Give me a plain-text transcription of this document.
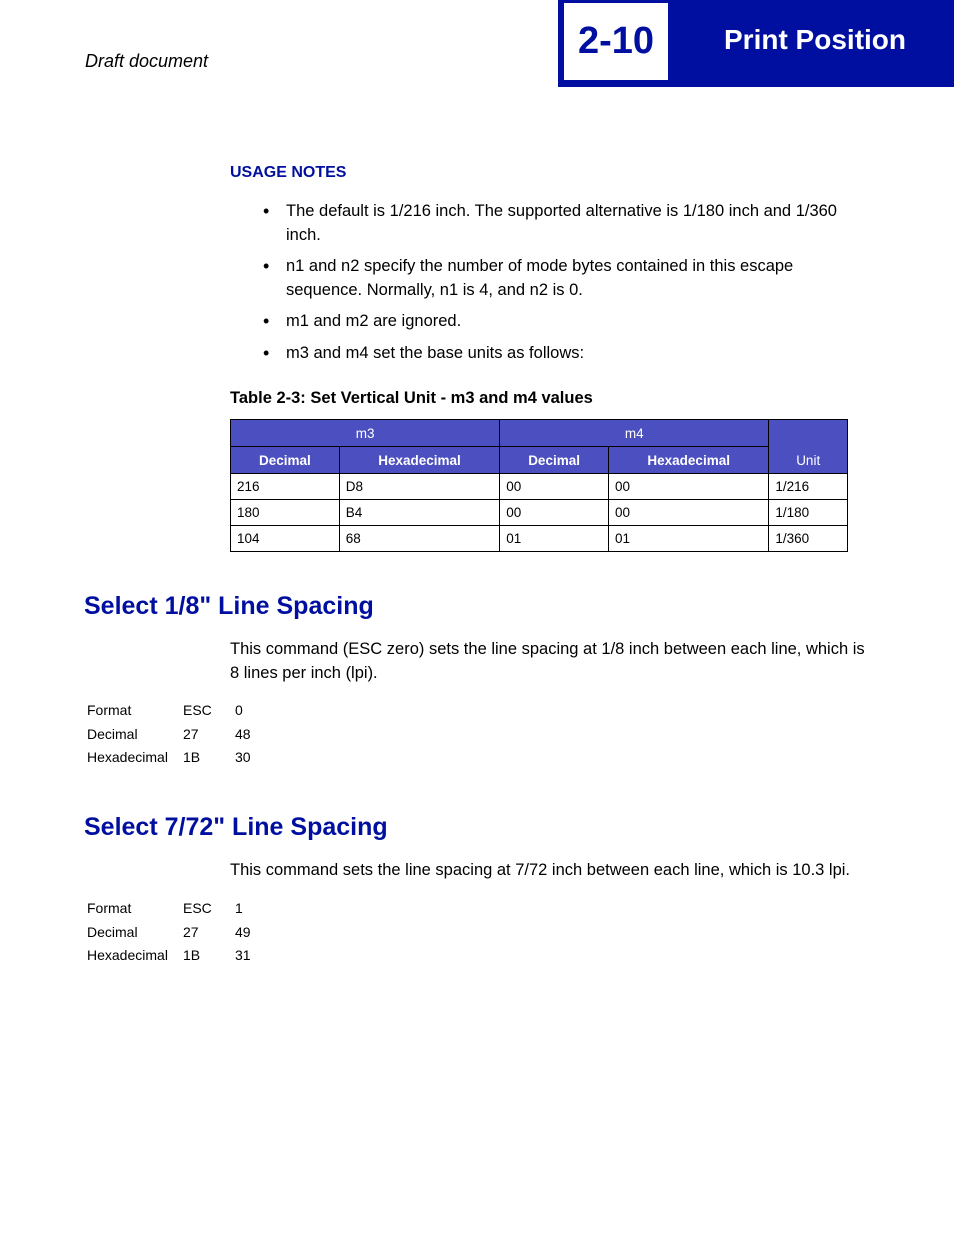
Draft document	2-10	Print Position
USAGE NOTES
• The default is 1/216 inch. The supported alternative is 1/180 inch and 1/360 inch.
• n1 and n2 specify the number of mode bytes contained in this escape sequence. Normally, n1 is 4, and n2 is 0.
• m1 and m2 are ignored.
• m3 and m4 set the base units as follows:
Table 2-3: Set Vertical Unit - m3 and m4 values
m3		m4		Unit
Decimal	Hexadecimal	Decimal	Hexadecimal	
216	D8	00	00	1/216
180	B4	00	00	1/180
104	68	01	01	1/360
Select 1/8" Line Spacing
This command (ESC zero) sets the line spacing at 1/8 inch between each line, which is 8 lines per inch (lpi).
Format	ESC	0
Decimal	27	48
Hexadecimal	1B	30
Select 7/72" Line Spacing
This command sets the line spacing at 7/72 inch between each line, which is 10.3 lpi.
Format	ESC	1
Decimal	27	49
Hexadecimal	1B	31
